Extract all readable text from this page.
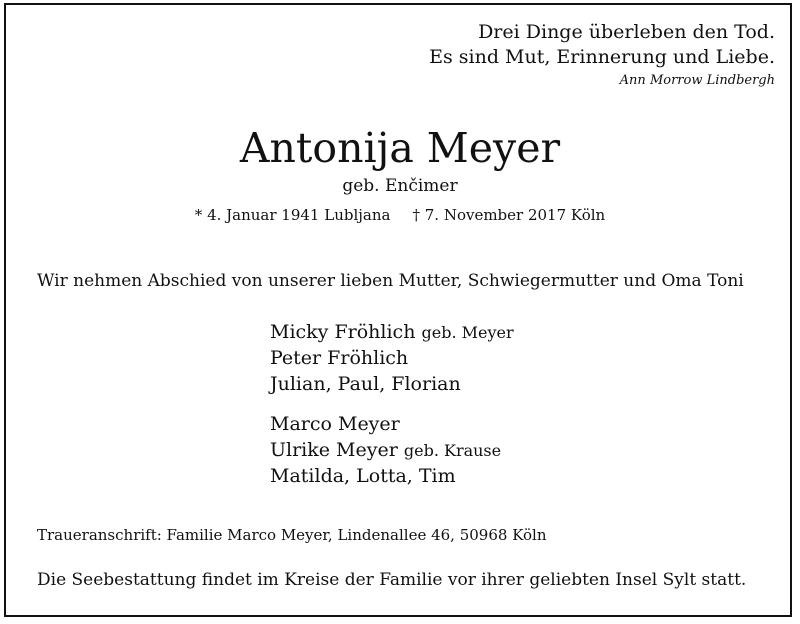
Drei Dinge überleben den Tod.
Es sind Mut, Erinnerung und Liebe.
Ann Morrow Lindbergh
Antonija Meyer
geb. Enčimer
* 4. Januar 1941 Lubljana † 7. November 2017 Köln
Wir nehmen Abschied von unserer lieben Mutter, Schwiegermutter und Oma Toni
Micky Fröhlich geb. Meyer
Peter Fröhlich
Julian, Paul, Florian
Marco Meyer
Ulrike Meyer geb. Krause
Matilda, Lotta, Tim
Traueranschrift: Familie Marco Meyer, Lindenallee 46, 50968 Köln
Die Seebestattung findet im Kreise der Familie vor ihrer geliebten Insel Sylt statt.
